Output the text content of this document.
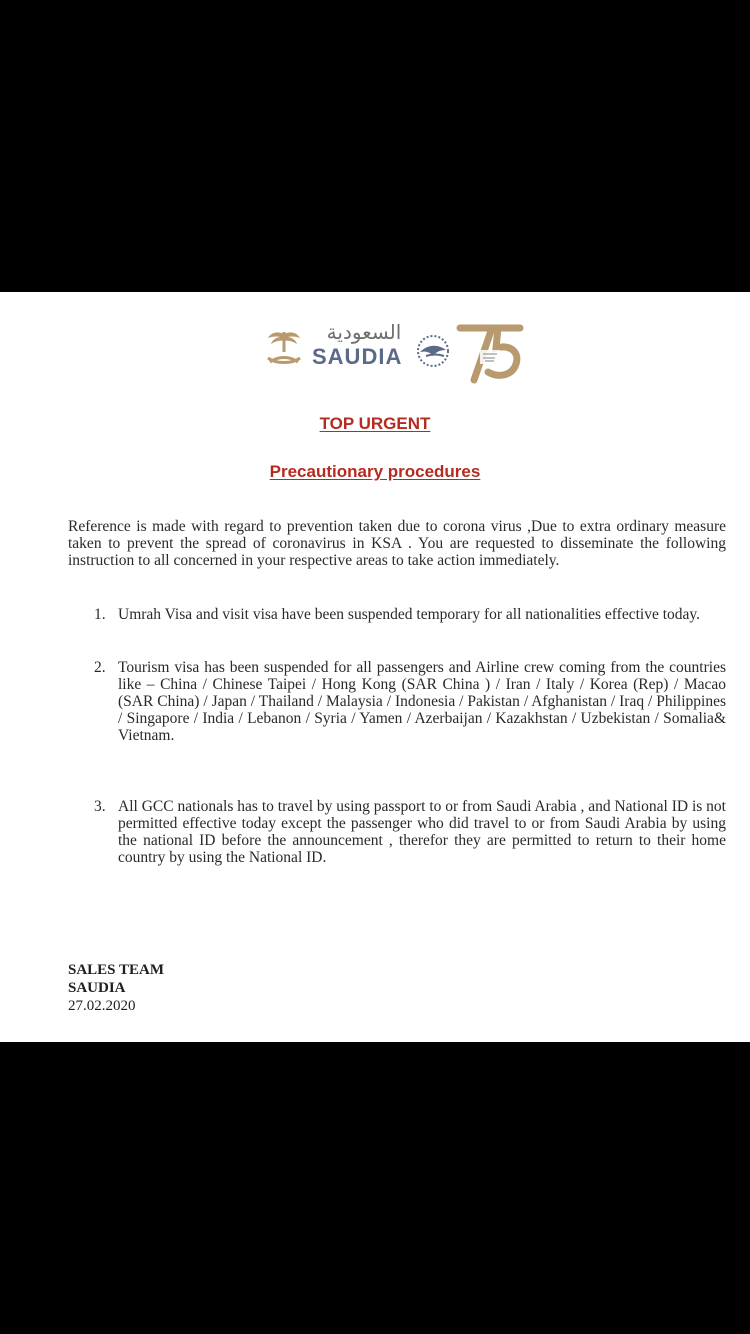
السعودية
SAUDIA
TOP URGENT
Precautionary procedures

Reference is made with regard to prevention taken due to corona virus ,Due to extra ordinary measure taken to prevent the spread of coronavirus in KSA . You are requested to disseminate the following instruction to all concerned in your respective areas to take action immediately.

1. Umrah Visa and visit visa have been suspended temporary for all nationalities effective today.

2. Tourism visa has been suspended for all passengers and Airline crew coming from the countries like – China / Chinese Taipei / Hong Kong (SAR China ) / Iran / Italy / Korea (Rep) / Macao (SAR China) / Japan / Thailand / Malaysia / Indonesia / Pakistan / Afghanistan / Iraq / Philippines / Singapore / India / Lebanon / Syria / Yamen / Azerbaijan / Kazakhstan / Uzbekistan / Somalia& Vietnam.

3. All GCC nationals has to travel by using passport to or from Saudi Arabia , and National ID is not permitted effective today except the passenger who did travel to or from Saudi Arabia by using the national ID before the announcement , therefor they are permitted to return to their home country by using the National ID.

SALES TEAM
SAUDIA
27.02.2020
